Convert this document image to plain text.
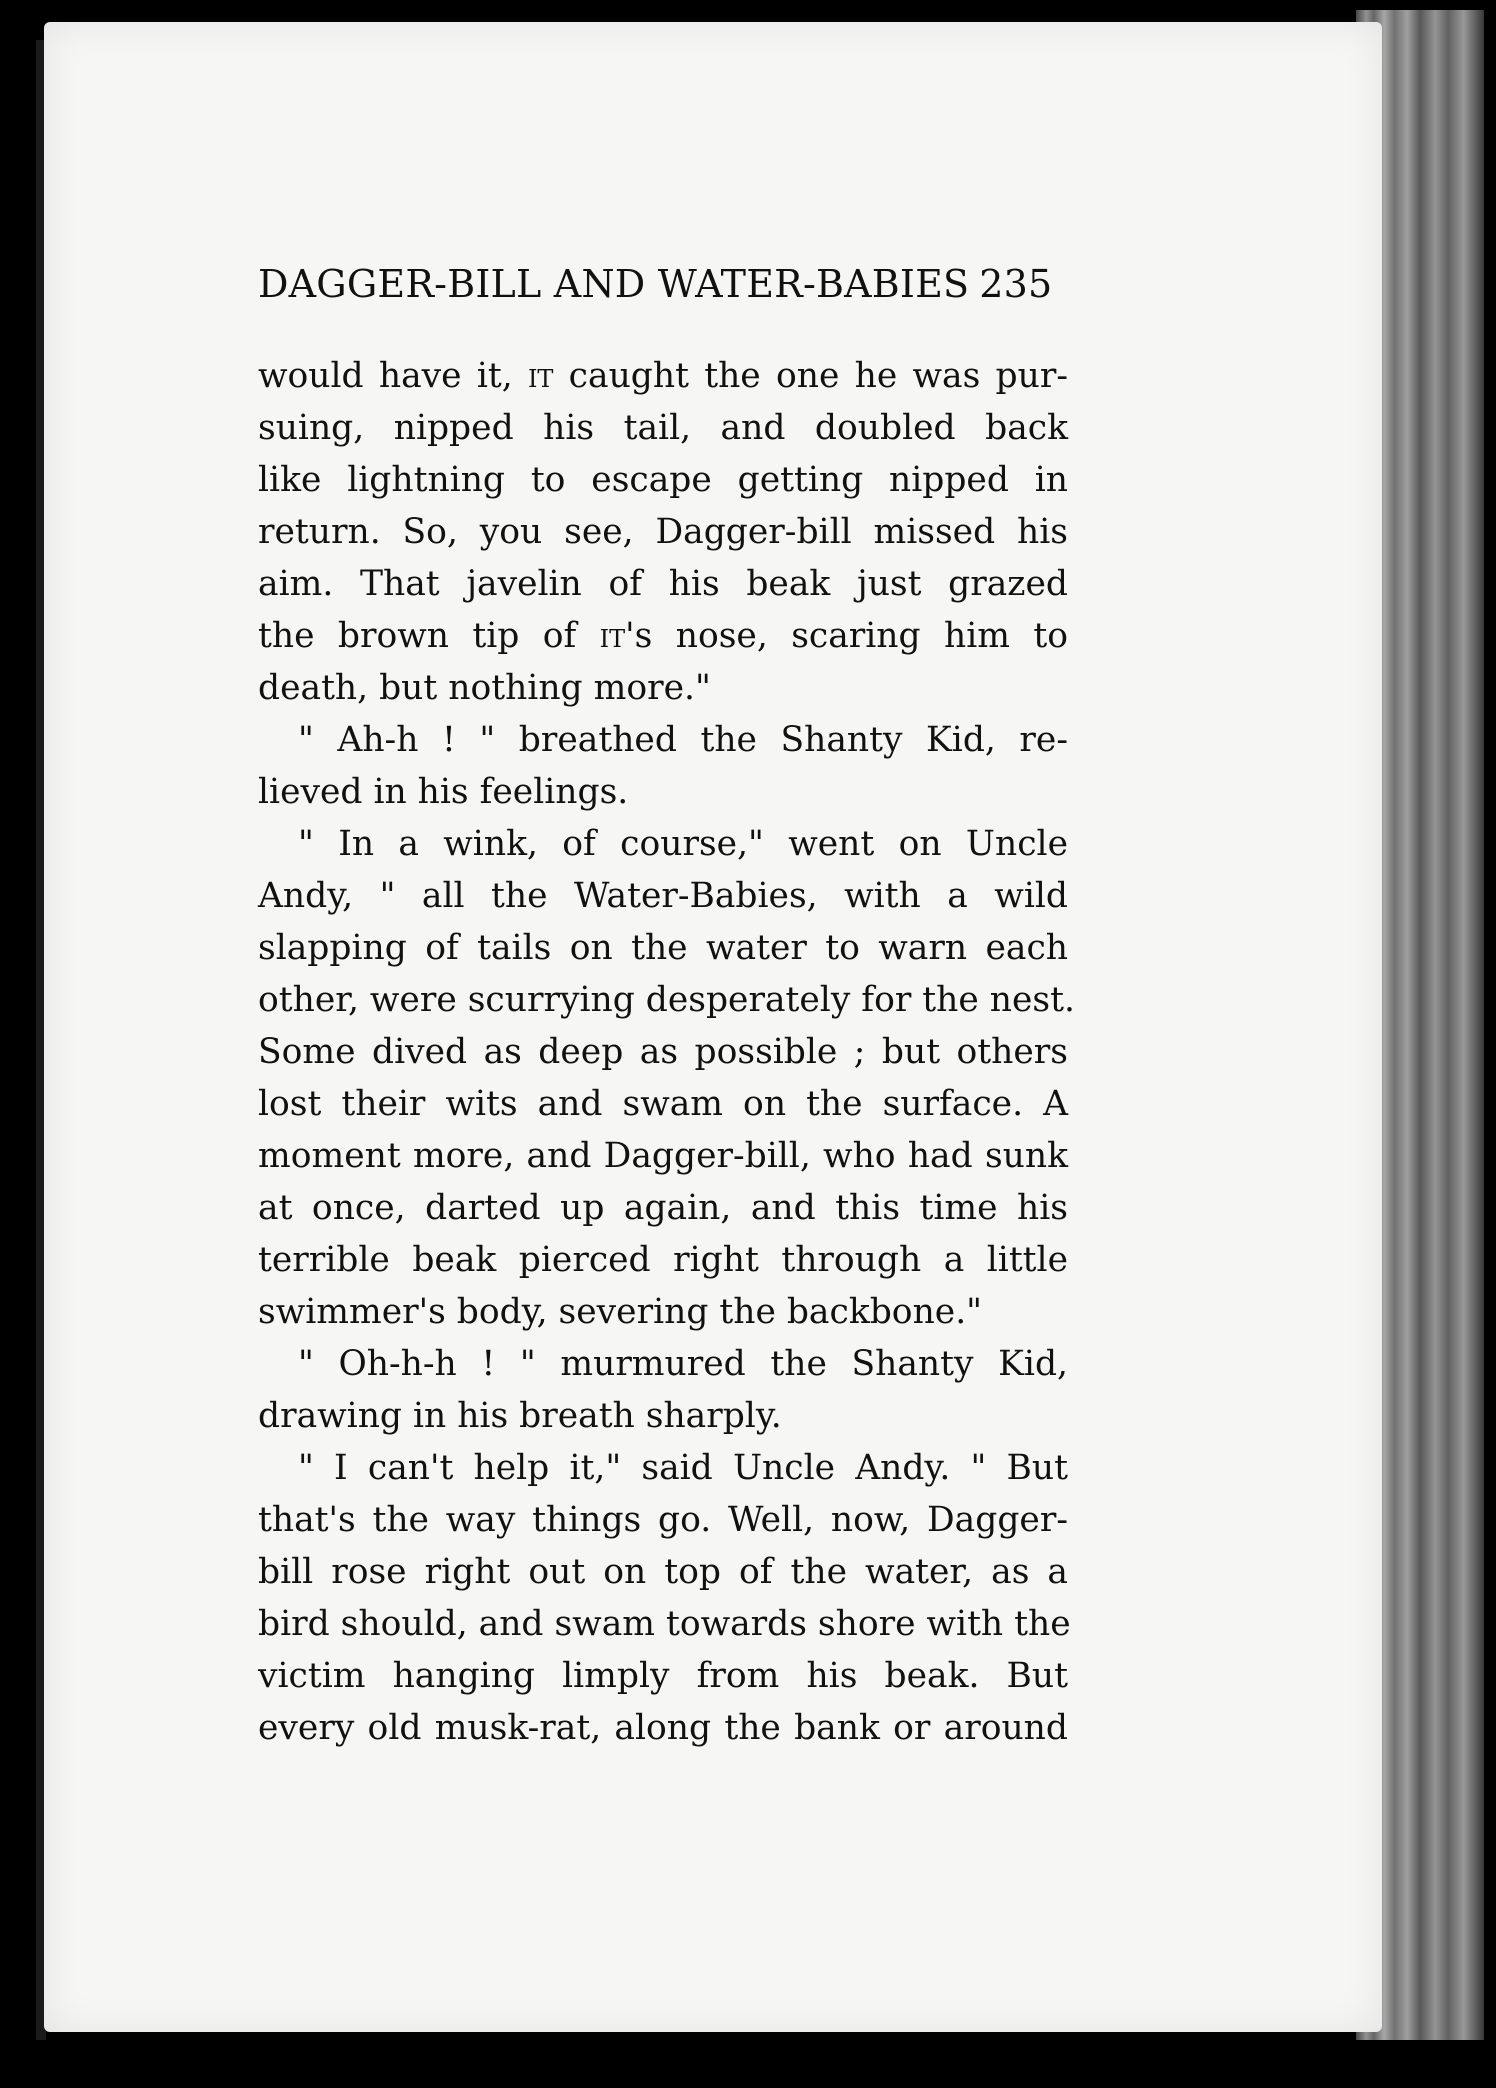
DAGGER-BILL AND WATER-BABIES 235
would have it, it caught the one he was pur-
suing, nipped his tail, and doubled back
like lightning to escape getting nipped in
return. So, you see, Dagger-bill missed his
aim. That javelin of his beak just grazed
the brown tip of it's nose, scaring him to
death, but nothing more."
" Ah-h ! " breathed the Shanty Kid, re-
lieved in his feelings.
" In a wink, of course," went on Uncle
Andy, " all the Water-Babies, with a wild
slapping of tails on the water to warn each
other, were scurrying desperately for the nest.
Some dived as deep as possible ; but others
lost their wits and swam on the surface. A
moment more, and Dagger-bill, who had sunk
at once, darted up again, and this time his
terrible beak pierced right through a little
swimmer's body, severing the backbone."
" Oh-h-h ! " murmured the Shanty Kid,
drawing in his breath sharply.
" I can't help it," said Uncle Andy. " But
that's the way things go. Well, now, Dagger-
bill rose right out on top of the water, as a
bird should, and swam towards shore with the
victim hanging limply from his beak. But
every old musk-rat, along the bank or around
